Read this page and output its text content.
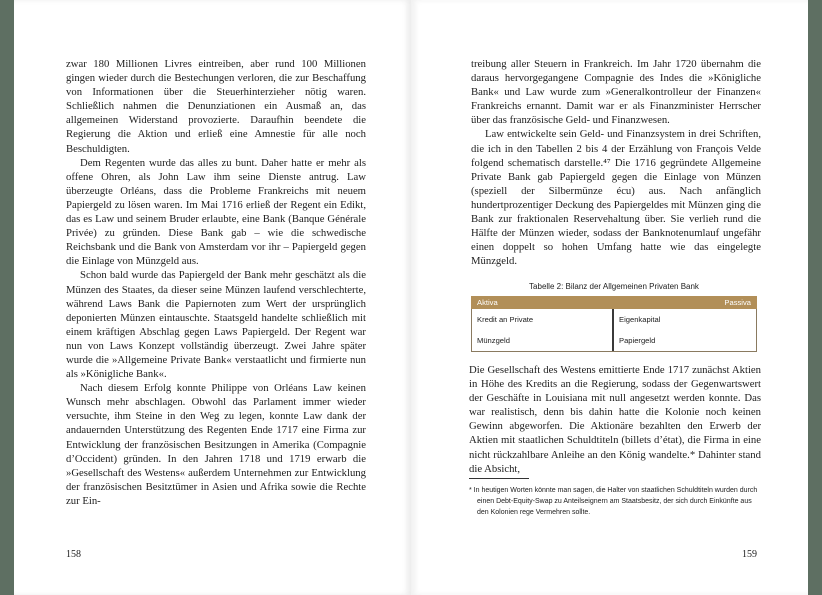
zwar 180 Millionen Livres eintreiben, aber rund 100 Millionen gingen wieder durch die Bestechungen verloren, die zur Beschaffung von Informationen über die Steuerhinterzieher nötig waren. Schließlich nahmen die Denunziationen ein Ausmaß an, das allgemeinen Widerstand provozierte. Daraufhin beendete die Regierung die Aktion und erließ eine Amnestie für alle noch Beschuldigten.

Dem Regenten wurde das alles zu bunt. Daher hatte er mehr als offene Ohren, als John Law ihm seine Dienste antrug. Law überzeugte Orléans, dass die Probleme Frankreichs mit neuem Papiergeld zu lösen waren. Im Mai 1716 erließ der Regent ein Edikt, das es Law und seinem Bruder erlaubte, eine Bank (Banque Générale Privée) zu gründen. Diese Bank gab – wie die schwedische Reichsbank und die Bank von Amsterdam vor ihr – Papiergeld gegen die Einlage von Münzgeld aus.

Schon bald wurde das Papiergeld der Bank mehr geschätzt als die Münzen des Staates, da dieser seine Münzen laufend verschlechterte, während Laws Bank die Papiernoten zum Wert der ursprünglich deponierten Münzen eintauschte. Staatsgeld handelte schließlich mit einem kräftigen Abschlag gegen Laws Papiergeld. Der Regent war nun von Laws Konzept vollständig überzeugt. Zwei Jahre später wurde die »Allgemeine Private Bank« verstaatlicht und firmierte nun als »Königliche Bank«.

Nach diesem Erfolg konnte Philippe von Orléans Law keinen Wunsch mehr abschlagen. Obwohl das Parlament immer wieder versuchte, ihm Steine in den Weg zu legen, konnte Law dank der andauernden Unterstützung des Regenten Ende 1717 eine Firma zur Entwicklung der französischen Besitzungen in Amerika (Compagnie d’Occident) gründen. In den Jahren 1718 und 1719 erwarb die »Gesellschaft des Westens« außerdem Unternehmen zur Entwicklung der französischen Besitztümer in Asien und Afrika sowie die Rechte zur Ein-

158

treibung aller Steuern in Frankreich. Im Jahr 1720 übernahm die daraus hervorgegangene Compagnie des Indes die »Königliche Bank« und Law wurde zum »Generalkontrolleur der Finanzen« Frankreichs ernannt. Damit war er als Finanzminister Herrscher über das französische Geld- und Finanzwesen.

Law entwickelte sein Geld- und Finanzsystem in drei Schriften, die ich in den Tabellen 2 bis 4 der Erzählung von François Velde folgend schematisch darstelle.⁴⁷ Die 1716 gegründete Allgemeine Private Bank gab Papiergeld gegen die Einlage von Münzen (speziell der Silbermünze écu) aus. Nach anfänglich hundertprozentiger Deckung des Papiergeldes mit Münzen ging die Bank zur fraktionalen Reservehaltung über. Sie verlieh rund die Hälfte der Münzen wieder, sodass der Banknotenumlauf ungefähr einen doppelt so hohen Umfang hatte wie das eingelegte Münzgeld.

Tabelle 2: Bilanz der Allgemeinen Privaten Bank
Aktiva	Passiva
Kredit an Private
Münzgeld
Eigenkapital
Papiergeld

Die Gesellschaft des Westens emittierte Ende 1717 zunächst Aktien in Höhe des Kredits an die Regierung, sodass der Gegenwartswert der Geschäfte in Louisiana mit null angesetzt werden konnte. Das war realistisch, denn bis dahin hatte die Kolonie noch keinen Gewinn abgeworfen. Die Aktionäre bezahlten den Erwerb der Aktien mit staatlichen Schuldtiteln (billets d’état), die Firma in eine nicht rückzahlbare Anleihe an den König wandelte.* Dahinter stand die Absicht,

* In heutigen Worten könnte man sagen, die Halter von staatlichen Schuldtiteln wurden durch einen Debt-Equity-Swap zu Anteilseignern am Staatsbesitz, der sich durch Einkünfte aus den Kolonien rege Vermehren sollte.

159
